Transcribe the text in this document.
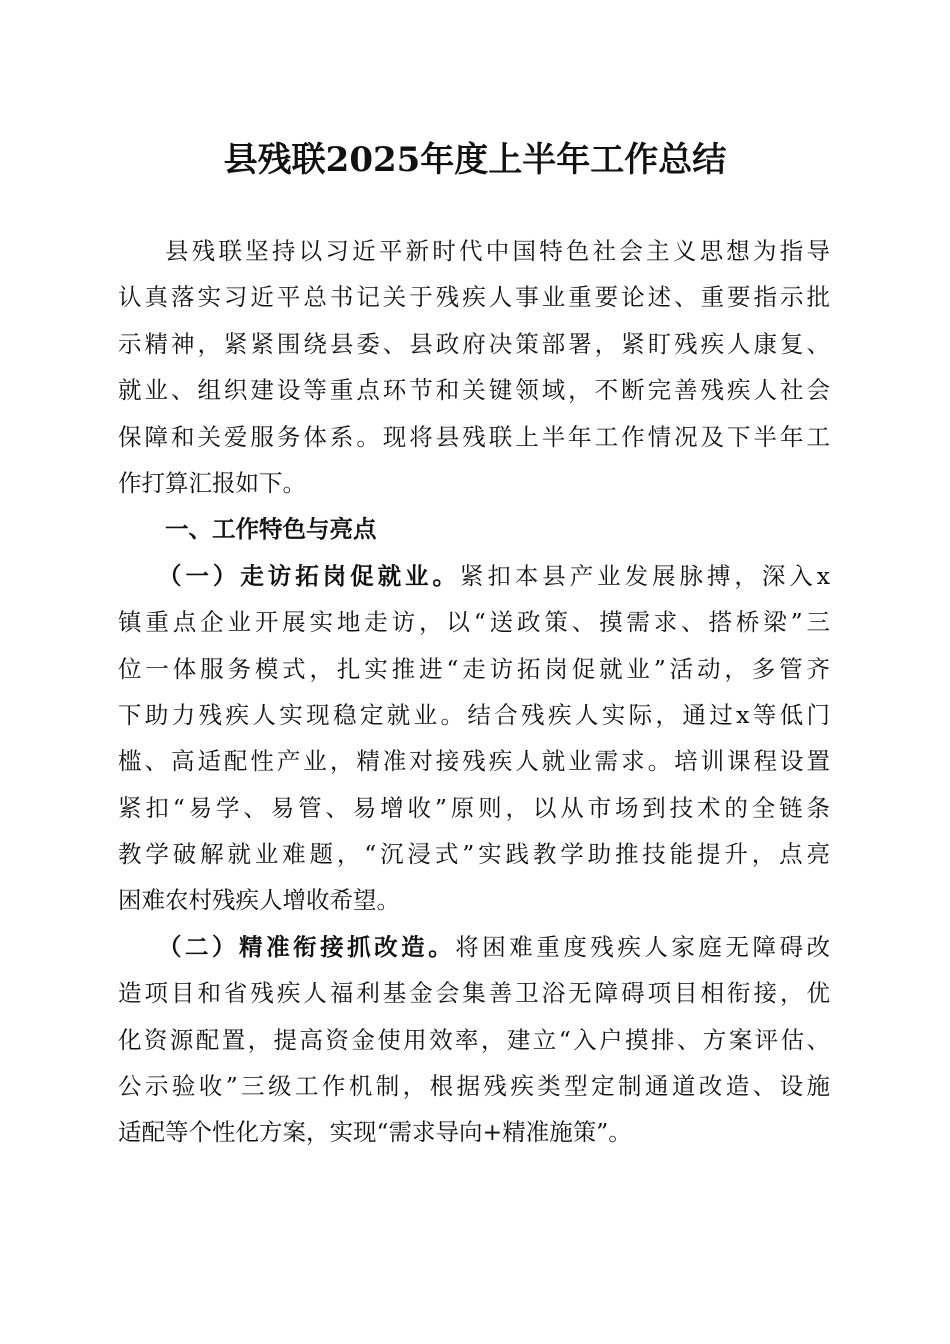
县残联2025年度上半年工作总结
县残联坚持以习近平新时代中国特色社会主义思想为指导
认真落实习近平总书记关于残疾人事业重要论述、重要指示批
示精神，紧紧围绕县委、县政府决策部署，紧盯残疾人康复、
就业、组织建设等重点环节和关键领域，不断完善残疾人社会
保障和关爱服务体系。现将县残联上半年工作情况及下半年工
作打算汇报如下。
一、工作特色与亮点
（一）走访拓岗促就业。紧扣本县产业发展脉搏，深入x
镇重点企业开展实地走访，以“送政策、摸需求、搭桥梁”三
位一体服务模式，扎实推进“走访拓岗促就业”活动，多管齐
下助力残疾人实现稳定就业。结合残疾人实际，通过x等低门
槛、高适配性产业，精准对接残疾人就业需求。培训课程设置
紧扣“易学、易管、易增收”原则，以从市场到技术的全链条
教学破解就业难题，“沉浸式”实践教学助推技能提升，点亮
困难农村残疾人增收希望。
（二）精准衔接抓改造。将困难重度残疾人家庭无障碍改
造项目和省残疾人福利基金会集善卫浴无障碍项目相衔接，优
化资源配置，提高资金使用效率，建立“入户摸排、方案评估、
公示验收”三级工作机制，根据残疾类型定制通道改造、设施
适配等个性化方案，实现“需求导向+精准施策”。
